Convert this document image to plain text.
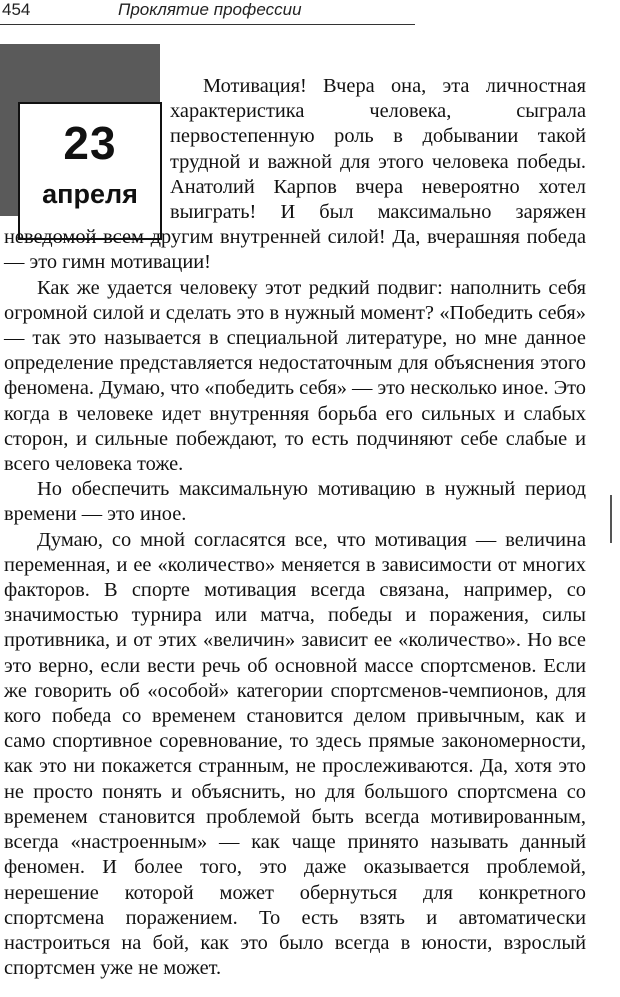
454	Проклятие профессии
23
апреля

Мотивация! Вчера она, эта личностная характеристика человека, сыграла первостепенную роль в добывании такой трудной и важной для этого человека победы. Анатолий Карпов вчера невероятно хотел выиграть! И был максимально заряжен неведомой всем другим внутренней силой! Да, вчерашняя победа — это гимн мотивации!

Как же удается человеку этот редкий подвиг: наполнить себя огромной силой и сделать это в нужный момент? «Победить себя» — так это называется в специальной литературе, но мне данное определение представляется недостаточным для объяснения этого феномена. Думаю, что «победить себя» — это несколько иное. Это когда в человеке идет внутренняя борьба его сильных и слабых сторон, и сильные побеждают, то есть подчиняют себе слабые и всего человека тоже.

Но обеспечить максимальную мотивацию в нужный период времени — это иное.

Думаю, со мной согласятся все, что мотивация — величина переменная, и ее «количество» меняется в зависимости от многих факторов. В спорте мотивация всегда связана, например, со значимостью турнира или матча, победы и поражения, силы противника, и от этих «величин» зависит ее «количество». Но все это верно, если вести речь об основной массе спортсменов. Если же говорить об «особой» категории спортсменов-чемпионов, для кого победа со временем становится делом привычным, как и само спортивное соревнование, то здесь прямые закономерности, как это ни покажется странным, не прослеживаются. Да, хотя это не просто понять и объяснить, но для большого спортсмена со временем становится проблемой быть всегда мотивированным, всегда «настроенным» — как чаще принято называть данный феномен. И более того, это даже оказывается проблемой, нерешение которой может обернуться для конкретного спортсмена поражением. То есть взять и автоматически настроиться на бой, как это было всегда в юности, взрослый спортсмен уже не может.
